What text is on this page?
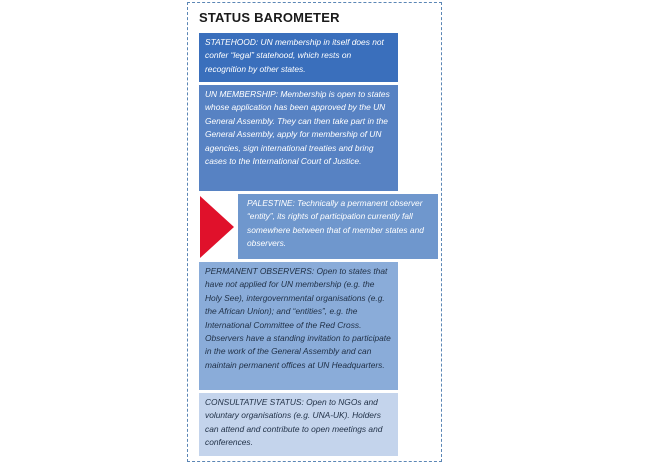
STATUS BAROMETER
STATEHOOD: UN membership in itself does not confer “legal” statehood, which rests on recognition by other states.
UN MEMBERSHIP: Membership is open to states whose application has been approved by the UN General Assembly. They can then take part in the General Assembly, apply for membership of UN agencies, sign international treaties and bring cases to the International Court of Justice.
PALESTINE: Technically a permanent observer “entity”, its rights of participation currently fall somewhere between that of member states and observers.
PERMANENT OBSERVERS: Open to states that have not applied for UN membership (e.g. the Holy See), intergovernmental organisations (e.g. the African Union); and “entities”, e.g. the International Committee of the Red Cross. Observers have a standing invitation to participate in the work of the General Assembly and can maintain permanent offices at UN Headquarters.
CONSULTATIVE STATUS: Open to NGOs and voluntary organisations (e.g. UNA-UK). Holders can attend and contribute to open meetings and conferences.
